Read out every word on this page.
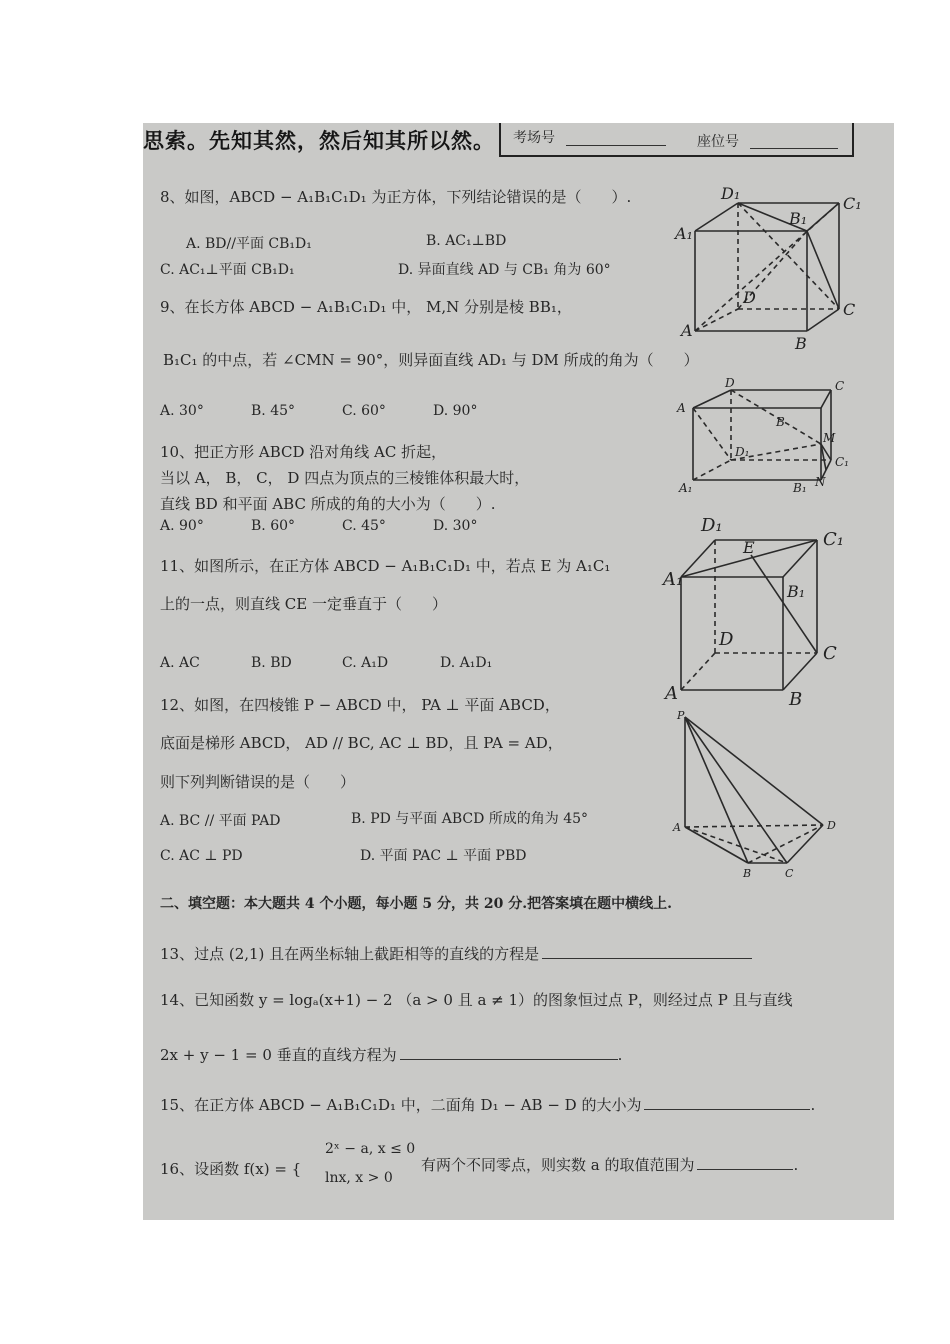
思索。先知其然，然后知其所以然。 考场号	座位号
8、如图，ABCD − A₁B₁C₁D₁ 为正方体，下列结论错误的是（　　）.
A. BD//平面 CB₁D₁	B. AC₁⊥BD
C. AC₁⊥平面 CB₁D₁	D. 异面直线 AD 与 CB₁ 角为 60°
D₁
C₁
A₁
B₁
D
C
A
B
9、在长方体 ABCD − A₁B₁C₁D₁ 中， M,N 分别是棱 BB₁，
B₁C₁ 的中点，若 ∠CMN = 90°，则异面直线 AD₁ 与 DM 所成的角为（　　）
A. 30°	B. 45°	C. 60°	D. 90°
D	C
A
B
M
D₁
C₁
A₁	B₁ N
10、把正方形 ABCD 沿对角线 AC 折起，
当以 A， B， C， D 四点为顶点的三棱锥体积最大时，
直线 BD 和平面 ABC 所成的角的大小为（　　）.
A. 90°	B. 60°	C. 45°	D. 30°
11、如图所示，在正方体 ABCD − A₁B₁C₁D₁ 中，若点 E 为 A₁C₁
上的一点，则直线 CE 一定垂直于（　　）
A. AC	B. BD	C. A₁D	D. A₁D₁
D₁
E	C₁
A₁
B₁
D
C
A	B
12、如图，在四棱锥 P − ABCD 中， PA ⊥ 平面 ABCD，
底面是梯形 ABCD， AD // BC, AC ⊥ BD，且 PA = AD，
则下列判断错误的是（　　）
A. BC // 平面 PAD	B. PD 与平面 ABCD 所成的角为 45°
C. AC ⊥ PD	D. 平面 PAC ⊥ 平面 PBD
P
A	D
B	C
二、填空题：本大题共 4 个小题，每小题 5 分，共 20 分.把答案填在题中横线上.
13、过点 (2,1) 且在两坐标轴上截距相等的直线的方程是
14、已知函数 y = logₐ(x+1) − 2 （a > 0 且 a ≠ 1）的图象恒过点 P，则经过点 P 且与直线
2x + y − 1 = 0 垂直的直线方程为	.
15、在正方体 ABCD − A₁B₁C₁D₁ 中，二面角 D₁ − AB − D 的大小为	.
16、设函数 f(x) = {
2ˣ − a, x ≤ 0
lnx, x > 0
有两个不同零点，则实数 a 的取值范围为	.
